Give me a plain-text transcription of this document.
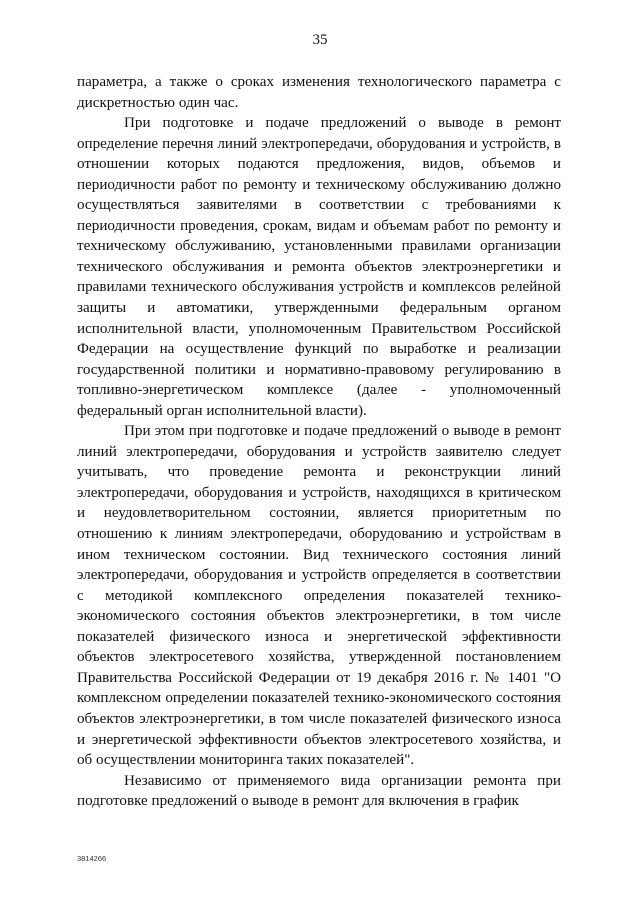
35

параметра, а также о сроках изменения технологического параметра с дискретностью один час.

При подготовке и подаче предложений о выводе в ремонт определение перечня линий электропередачи, оборудования и устройств, в отношении которых подаются предложения, видов, объемов и периодичности работ по ремонту и техническому обслуживанию должно осуществляться заявителями в соответствии с требованиями к периодичности проведения, срокам, видам и объемам работ по ремонту и техническому обслуживанию, установленными правилами организации технического обслуживания и ремонта объектов электроэнергетики и правилами технического обслуживания устройств и комплексов релейной защиты и автоматики, утвержденными федеральным органом исполнительной власти, уполномоченным Правительством Российской Федерации на осуществление функций по выработке и реализации государственной политики и нормативно-правовому регулированию в топливно-энергетическом комплексе (далее - уполномоченный федеральный орган исполнительной власти).

При этом при подготовке и подаче предложений о выводе в ремонт линий электропередачи, оборудования и устройств заявителю следует учитывать, что проведение ремонта и реконструкции линий электропередачи, оборудования и устройств, находящихся в критическом и неудовлетворительном состоянии, является приоритетным по отношению к линиям электропередачи, оборудованию и устройствам в ином техническом состоянии. Вид технического состояния линий электропередачи, оборудования и устройств определяется в соответствии с методикой комплексного определения показателей технико-экономического состояния объектов электроэнергетики, в том числе показателей физического износа и энергетической эффективности объектов электросетевого хозяйства, утвержденной постановлением Правительства Российской Федерации от 19 декабря 2016 г. № 1401 "О комплексном определении показателей технико-экономического состояния объектов электроэнергетики, в том числе показателей физического износа и энергетической эффективности объектов электросетевого хозяйства, и об осуществлении мониторинга таких показателей".

Независимо от применяемого вида организации ремонта при подготовке предложений о выводе в ремонт для включения в график

3814266
